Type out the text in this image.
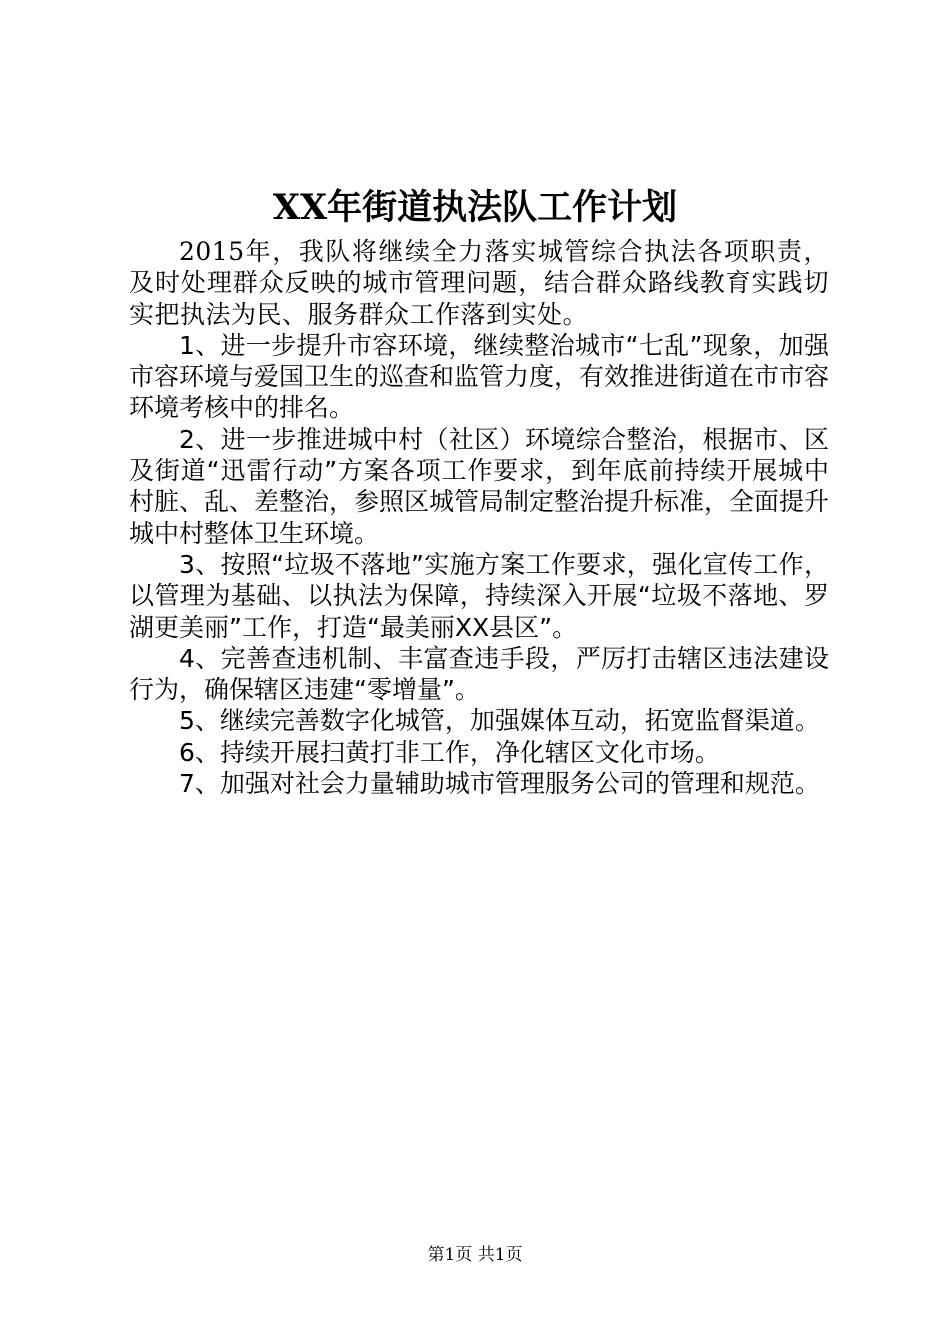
XX年街道执法队工作计划

2015年，我队将继续全力落实城管综合执法各项职责，及时处理群众反映的城市管理问题，结合群众路线教育实践切实把执法为民、服务群众工作落到实处。

1、进一步提升市容环境，继续整治城市“七乱”现象，加强市容环境与爱国卫生的巡查和监管力度，有效推进街道在市市容环境考核中的排名。

2、进一步推进城中村（社区）环境综合整治，根据市、区及街道“迅雷行动”方案各项工作要求，到年底前持续开展城中村脏、乱、差整治，参照区城管局制定整治提升标准，全面提升城中村整体卫生环境。

3、按照“垃圾不落地”实施方案工作要求，强化宣传工作，以管理为基础、以执法为保障，持续深入开展“垃圾不落地、罗湖更美丽”工作，打造“最美丽XX县区”。

4、完善查违机制、丰富查违手段，严厉打击辖区违法建设行为，确保辖区违建“零增量”。

5、继续完善数字化城管，加强媒体互动，拓宽监督渠道。

6、持续开展扫黄打非工作，净化辖区文化市场。

7、加强对社会力量辅助城市管理服务公司的管理和规范。

第1页 共1页
